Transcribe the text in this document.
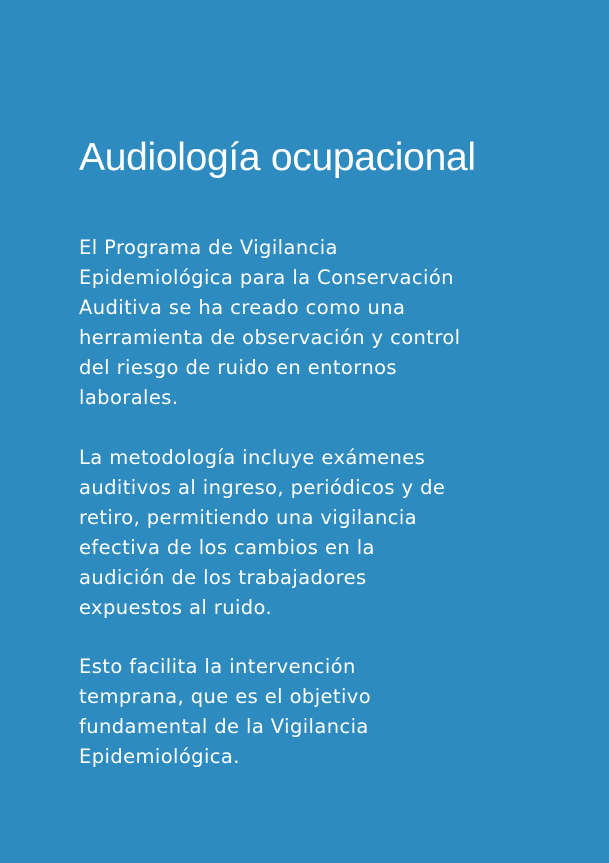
Audiología ocupacional

El Programa de Vigilancia
Epidemiológica para la Conservación
Auditiva se ha creado como una
herramienta de observación y control
del riesgo de ruido en entornos
laborales.

La metodología incluye exámenes
auditivos al ingreso, periódicos y de
retiro, permitiendo una vigilancia
efectiva de los cambios en la
audición de los trabajadores
expuestos al ruido.

Esto facilita la intervención
temprana, que es el objetivo
fundamental de la Vigilancia
Epidemiológica.
